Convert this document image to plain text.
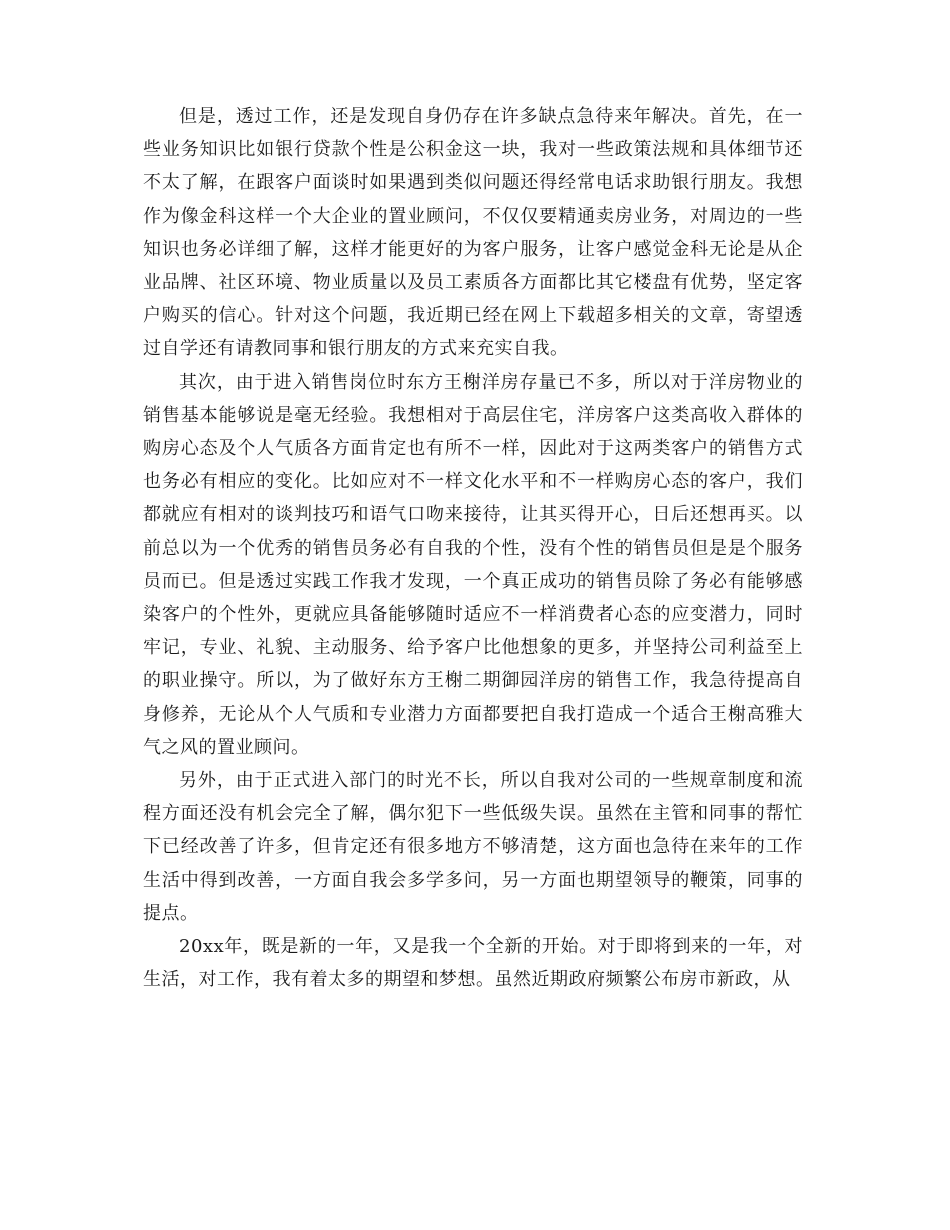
但是，透过工作，还是发现自身仍存在许多缺点急待来年解决。首先，在一些业务知识比如银行贷款个性是公积金这一块，我对一些政策法规和具体细节还不太了解，在跟客户面谈时如果遇到类似问题还得经常电话求助银行朋友。我想作为像金科这样一个大企业的置业顾问，不仅仅要精通卖房业务，对周边的一些知识也务必详细了解，这样才能更好的为客户服务，让客户感觉金科无论是从企业品牌、社区环境、物业质量以及员工素质各方面都比其它楼盘有优势，坚定客户购买的信心。针对这个问题，我近期已经在网上下载超多相关的文章，寄望透过自学还有请教同事和银行朋友的方式来充实自我。

其次，由于进入销售岗位时东方王榭洋房存量已不多，所以对于洋房物业的销售基本能够说是毫无经验。我想相对于高层住宅，洋房客户这类高收入群体的购房心态及个人气质各方面肯定也有所不一样，因此对于这两类客户的销售方式也务必有相应的变化。比如应对不一样文化水平和不一样购房心态的客户，我们都就应有相对的谈判技巧和语气口吻来接待，让其买得开心，日后还想再买。以前总以为一个优秀的销售员务必有自我的个性，没有个性的销售员但是是个服务员而已。但是透过实践工作我才发现，一个真正成功的销售员除了务必有能够感染客户的个性外，更就应具备能够随时适应不一样消费者心态的应变潜力，同时牢记，专业、礼貌、主动服务、给予客户比他想象的更多，并坚持公司利益至上的职业操守。所以，为了做好东方王榭二期御园洋房的销售工作，我急待提高自身修养，无论从个人气质和专业潜力方面都要把自我打造成一个适合王榭高雅大气之风的置业顾问。

另外，由于正式进入部门的时光不长，所以自我对公司的一些规章制度和流程方面还没有机会完全了解，偶尔犯下一些低级失误。虽然在主管和同事的帮忙下已经改善了许多，但肯定还有很多地方不够清楚，这方面也急待在来年的工作生活中得到改善，一方面自我会多学多问，另一方面也期望领导的鞭策，同事的提点。

20xx年，既是新的一年，又是我一个全新的开始。对于即将到来的一年，对生活，对工作，我有着太多的期望和梦想。虽然近期政府频繁公布房市新政，从
